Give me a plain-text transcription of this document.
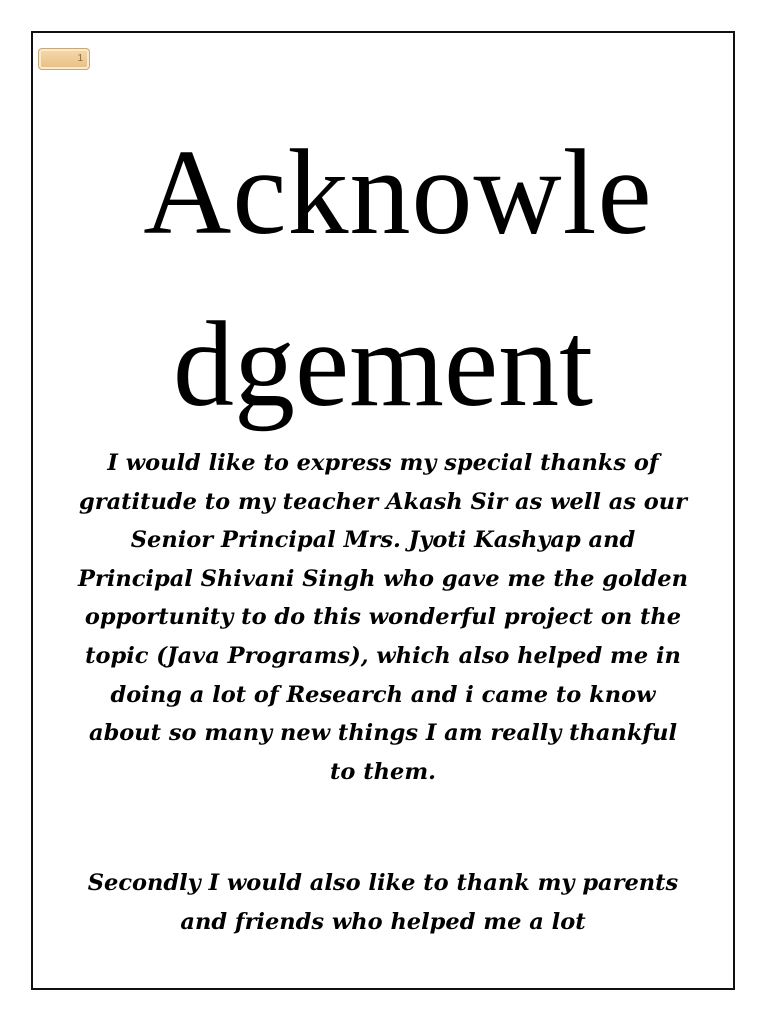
1
Acknowle
dgement

I would like to express my special thanks of gratitude to my teacher Akash Sir as well as our Senior Principal Mrs. Jyoti Kashyap and Principal Shivani Singh who gave me the golden opportunity to do this wonderful project on the topic (Java Programs), which also helped me in doing a lot of Research and i came to know about so many new things I am really thankful to them.

Secondly I would also like to thank my parents and friends who helped me a lot
